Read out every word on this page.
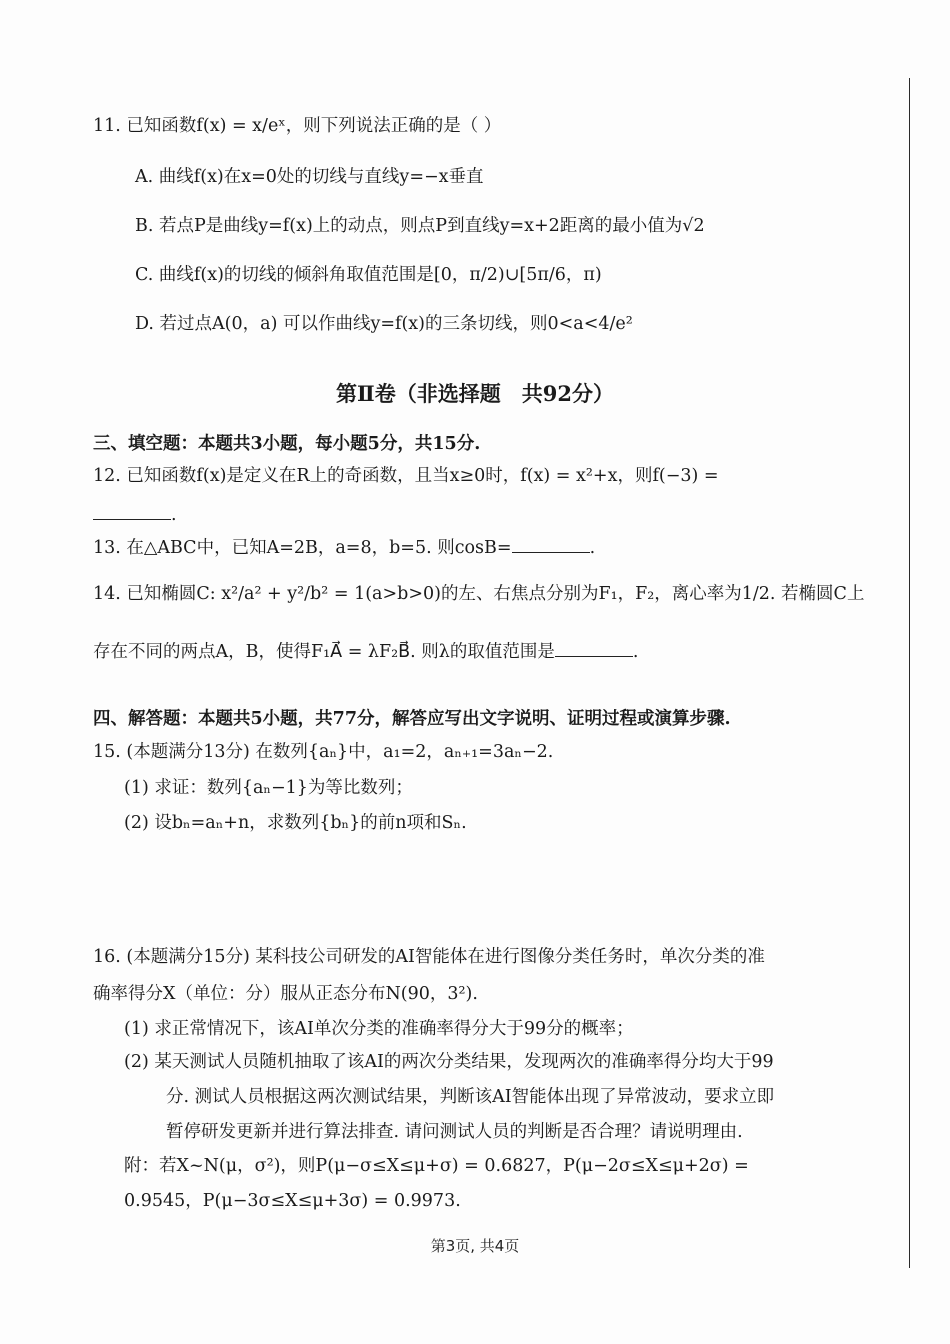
11. 已知函数f(x) = x/eˣ，则下列说法正确的是（ ）
A. 曲线f(x)在x=0处的切线与直线y=−x垂直
B. 若点P是曲线y=f(x)上的动点，则点P到直线y=x+2距离的最小值为√2
C. 曲线f(x)的切线的倾斜角取值范围是[0，π/2)∪[5π/6，π)
D. 若过点A(0，a) 可以作曲线y=f(x)的三条切线，则0<a<4/e²
第Ⅱ卷（非选择题　共92分）
三、填空题：本题共3小题，每小题5分，共15分.
12. 已知函数f(x)是定义在R上的奇函数，且当x≥0时，f(x) = x²+x，则f(−3) =
.
13. 在△ABC中，已知A=2B，a=8，b=5. 则cosB=	.
14. 已知椭圆C: x²/a² + y²/b² = 1(a>b>0)的左、右焦点分别为F₁，F₂，离心率为1/2. 若椭圆C上
存在不同的两点A，B，使得F₁A⃗ = λF₂B⃗. 则λ的取值范围是	.
四、解答题：本题共5小题，共77分，解答应写出文字说明、证明过程或演算步骤.
15. (本题满分13分) 在数列{aₙ}中，a₁=2，aₙ₊₁=3aₙ−2.
(1) 求证：数列{aₙ−1}为等比数列；
(2) 设bₙ=aₙ+n，求数列{bₙ}的前n项和Sₙ.
16. (本题满分15分) 某科技公司研发的AI智能体在进行图像分类任务时，单次分类的准
确率得分X（单位：分）服从正态分布N(90，3²).
(1) 求正常情况下，该AI单次分类的准确率得分大于99分的概率；
(2) 某天测试人员随机抽取了该AI的两次分类结果，发现两次的准确率得分均大于99
分. 测试人员根据这两次测试结果，判断该AI智能体出现了异常波动，要求立即
暂停研发更新并进行算法排查. 请问测试人员的判断是否合理？请说明理由.
附：若X~N(μ，σ²)，则P(μ−σ≤X≤μ+σ) = 0.6827，P(μ−2σ≤X≤μ+2σ) =
0.9545，P(μ−3σ≤X≤μ+3σ) = 0.9973.
第3页, 共4页
